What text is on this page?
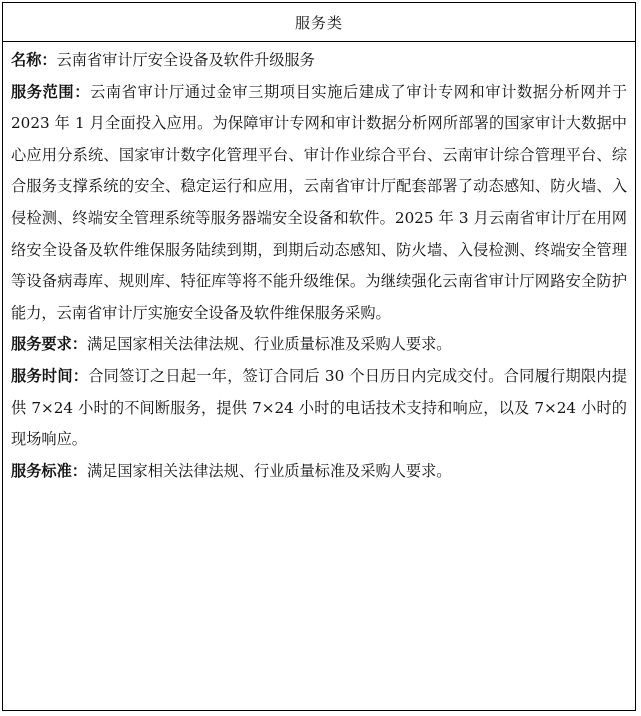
服务类

名称：云南省审计厅安全设备及软件升级服务

服务范围：云南省审计厅通过金审三期项目实施后建成了审计专网和审计数据分析网并于 2023 年 1 月全面投入应用。为保障审计专网和审计数据分析网所部署的国家审计大数据中心应用分系统、国家审计数字化管理平台、审计作业综合平台、云南审计综合管理平台、综合服务支撑系统的安全、稳定运行和应用，云南省审计厅配套部署了动态感知、防火墙、入侵检测、终端安全管理系统等服务器端安全设备和软件。2025 年 3 月云南省审计厅在用网络安全设备及软件维保服务陆续到期，到期后动态感知、防火墙、入侵检测、终端安全管理等设备病毒库、规则库、特征库等将不能升级维保。为继续强化云南省审计厅网路安全防护能力，云南省审计厅实施安全设备及软件维保服务采购。

服务要求：满足国家相关法律法规、行业质量标准及采购人要求。

服务时间：合同签订之日起一年，签订合同后 30 个日历日内完成交付。合同履行期限内提供 7×24 小时的不间断服务，提供 7×24 小时的电话技术支持和响应，以及 7×24 小时的现场响应。

服务标准：满足国家相关法律法规、行业质量标准及采购人要求。
